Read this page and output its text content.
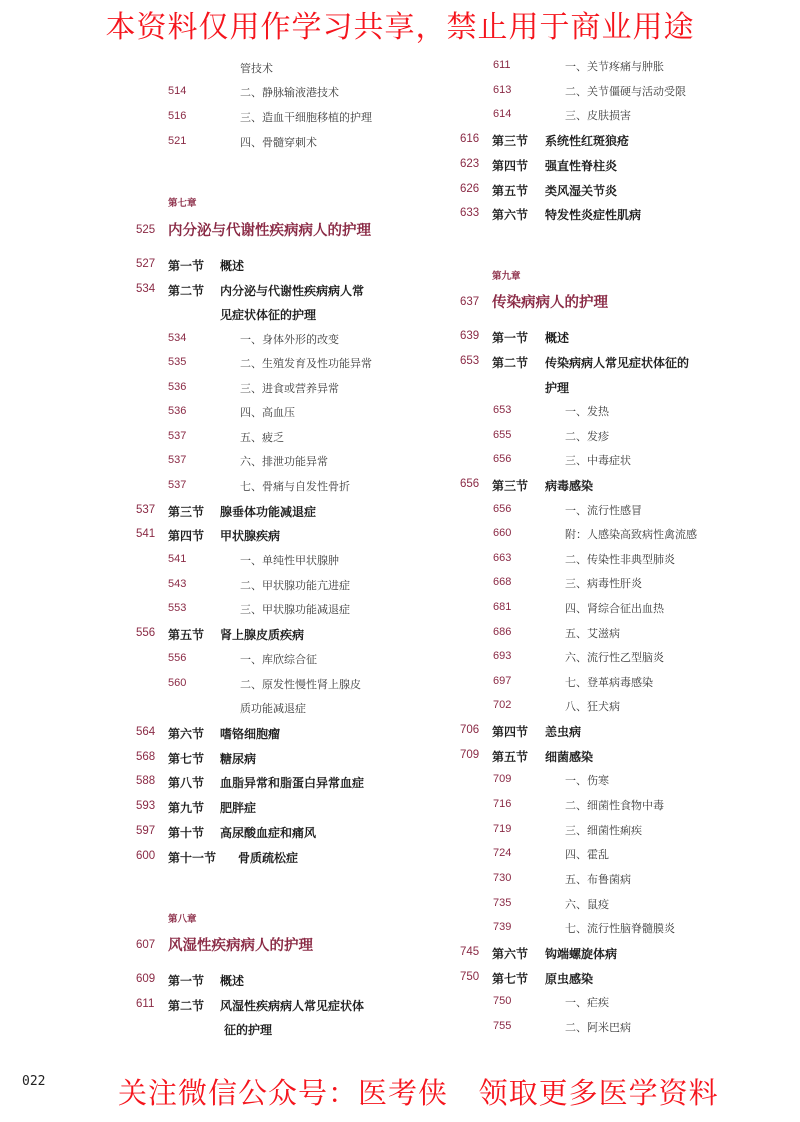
本资料仅用作学习共享，禁止用于商业用途
管技术
514	二、静脉输液港技术
516	三、造血干细胞移植的护理
521	四、骨髓穿刺术
第七章
525 内分泌与代谢性疾病病人的护理
527 第一节 概述
534 第二节 内分泌与代谢性疾病病人常
见症状体征的护理
534	一、身体外形的改变
535	二、生殖发育及性功能异常
536	三、进食或营养异常
536	四、高血压
537	五、疲乏
537	六、排泄功能异常
537	七、骨痛与自发性骨折
537 第三节 腺垂体功能减退症
541 第四节 甲状腺疾病
541	一、单纯性甲状腺肿
543	二、甲状腺功能亢进症
553	三、甲状腺功能减退症
556 第五节 肾上腺皮质疾病
556	一、库欣综合征
560	二、原发性慢性肾上腺皮
质功能减退症
564 第六节 嗜铬细胞瘤
568 第七节 糖尿病
588 第八节 血脂异常和脂蛋白异常血症
593 第九节 肥胖症
597 第十节 高尿酸血症和痛风
600 第十一节 骨质疏松症
第八章
607 风湿性疾病病人的护理
609 第一节 概述
611 第二节 风湿性疾病病人常见症状体
征的护理
611	一、关节疼痛与肿胀
613	二、关节僵硬与活动受限
614	三、皮肤损害
616 第三节 系统性红斑狼疮
623 第四节 强直性脊柱炎
626 第五节 类风湿关节炎
633 第六节 特发性炎症性肌病
第九章
637 传染病病人的护理
639 第一节 概述
653 第二节 传染病病人常见症状体征的
护理
653	一、发热
655	二、发疹
656	三、中毒症状
656 第三节 病毒感染
656	一、流行性感冒
660	附：人感染高致病性禽流感
663	二、传染性非典型肺炎
668	三、病毒性肝炎
681	四、肾综合征出血热
686	五、艾滋病
693	六、流行性乙型脑炎
697	七、登革病毒感染
702	八、狂犬病
706 第四节 恙虫病
709 第五节 细菌感染
709	一、伤寒
716	二、细菌性食物中毒
719	三、细菌性痢疾
724	四、霍乱
730	五、布鲁菌病
735	六、鼠疫
739	七、流行性脑脊髓膜炎
745 第六节 钩端螺旋体病
750 第七节 原虫感染
750	一、疟疾
755	二、阿米巴病
022	关注微信公众号：医考侠   领取更多医学资料
